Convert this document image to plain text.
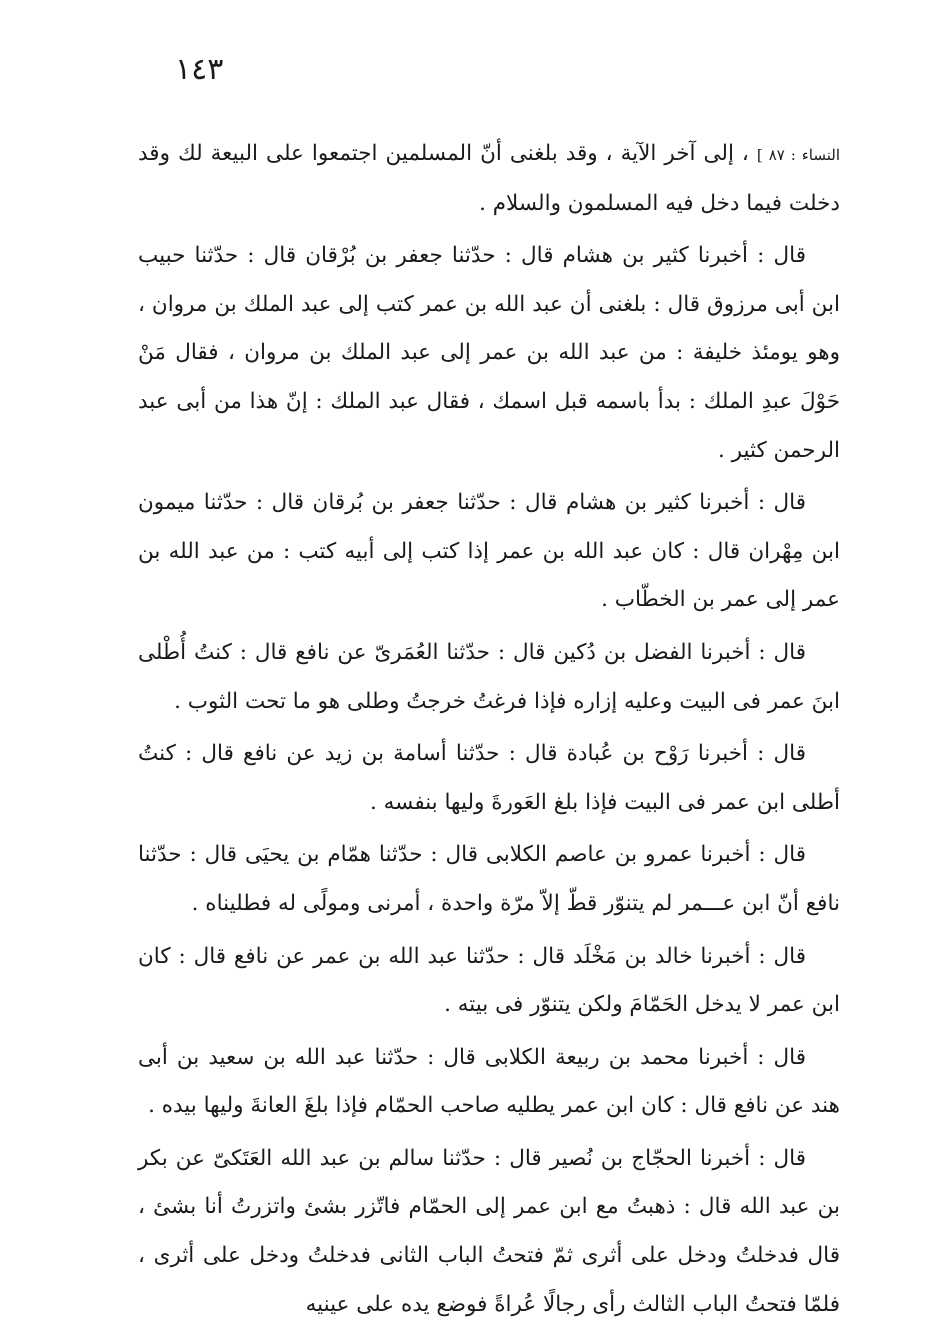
١٤٣

النساء : ٨٧ ] ، إلى آخر الآية ، وقد بلغنى أنّ المسلمين اجتمعوا على البيعة لك وقد دخلت فيما دخل فيه المسلمون والسلام .

قال : أخبرنا كثير بن هشام قال : حدّثنا جعفر بن بُرْقان قال : حدّثنا حبيب ابن أبى مرزوق قال : بلغنى أن عبد الله بن عمر كتب إلى عبد الملك بن مروان ، وهو يومئذ خليفة : من عبد الله بن عمر إلى عبد الملك بن مروان ، فقال مَنْ حَوْلَ عبدِ الملك : بدأ باسمه قبل اسمك ، فقال عبد الملك : إنّ هذا من أبى عبد الرحمن كثير .

قال : أخبرنا كثير بن هشام قال : حدّثنا جعفر بن بُرقان قال : حدّثنا ميمون ابن مِهْران قال : كان عبد الله بن عمر إذا كتب إلى أبيه كتب : من عبد الله بن عمر إلى عمر بن الخطّاب .

قال : أخبرنا الفضل بن دُكين قال : حدّثنا العُمَرىّ عن نافع قال : كنتُ أُطْلى ابنَ عمر فى البيت وعليه إزاره فإذا فرغتُ خرجتُ وطلى هو ما تحت الثوب .

قال : أخبرنا رَوْح بن عُبادة قال : حدّثنا أسامة بن زيد عن نافع قال : كنتُ أطلى ابن عمر فى البيت فإذا بلغ العَورةَ وليها بنفسه .

قال : أخبرنا عمرو بن عاصم الكلابى قال : حدّثنا همّام بن يحيَى قال : حدّثنا نافع أنّ ابن عـــمر لم يتنوّر قطّ إلاّ مرّة واحدة ، أمرنى ومولًى له فطليناه .

قال : أخبرنا خالد بن مَخْلَد قال : حدّثنا عبد الله بن عمر عن نافع قال : كان ابن عمر لا يدخل الحَمّامَ ولكن يتنوّر فى بيته .

قال : أخبرنا محمد بن ربيعة الكلابى قال : حدّثنا عبد الله بن سعيد بن أبى هند عن نافع قال : كان ابن عمر يطليه صاحب الحمّام فإذا بلغَ العانةَ وليها بيده .

قال : أخبرنا الحجّاج بن نُصير قال : حدّثنا سالم بن عبد الله العَتَكىّ عن بكر بن عبد الله قال : ذهبتُ مع ابن عمر إلى الحمّام فاتّزر بشئ واتزرتُ أنا بشئ ، قال فدخلتُ ودخل على أثرى ثمّ فتحتُ الباب الثانى فدخلتُ ودخل على أثرى ، فلمّا فتحتُ الباب الثالث رأى رجالًا عُراةً فوضع يده على عينيه
